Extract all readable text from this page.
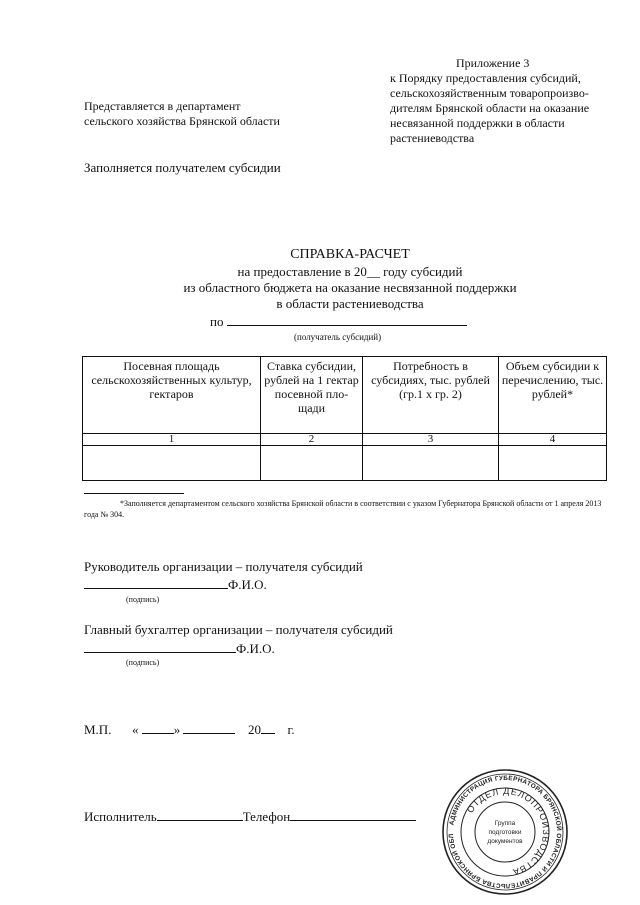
Приложение 3
к Порядку предоставления субсидий,
сельскохозяйственным товаропроизво-
дителям Брянской области на оказание
несвязанной поддержки в области
растениеводства
Представляется в департамент
сельского хозяйства Брянской области
Заполняется получателем субсидии
СПРАВКА-РАСЧЕТ
на предоставление в 20__ году субсидий
из областного бюджета на оказание несвязанной поддержки
в области растениеводства
по
(получатель субсидий)
Посевная площадь сельскохозяйственных культур, гектаров	Ставка субсидии, рублей на 1 гектар посевной пло-щади	Потребность в субсидиях, тыс. рублей (гр.1 х гр. 2)	Объем субсидии к перечислению, тыс. рублей*
1	2	3	4

*Заполняется департаментом сельского хозяйства Брянской области в соответствии с указом Губернатора Брянской области от 1 апреля 2013 года № 304.
Руководитель организации – получателя субсидий
Ф.И.О.
(подпись)
Главный бухгалтер организации – получателя субсидий
Ф.И.О.
(подпись)
М.П. «	»	20 г.
Исполнитель	Телефон	АДМИНИСТРАЦИЯ ГУБЕРНАТОРА БРЯНСКОЙ ОБЛАСТИ И ПРАВИТЕЛЬСТВА БРЯНСКОЙ ОБЛ
ОТДЕЛ ДЕЛОПРОИЗВОДСТВА
Группа
подготовки
документов
